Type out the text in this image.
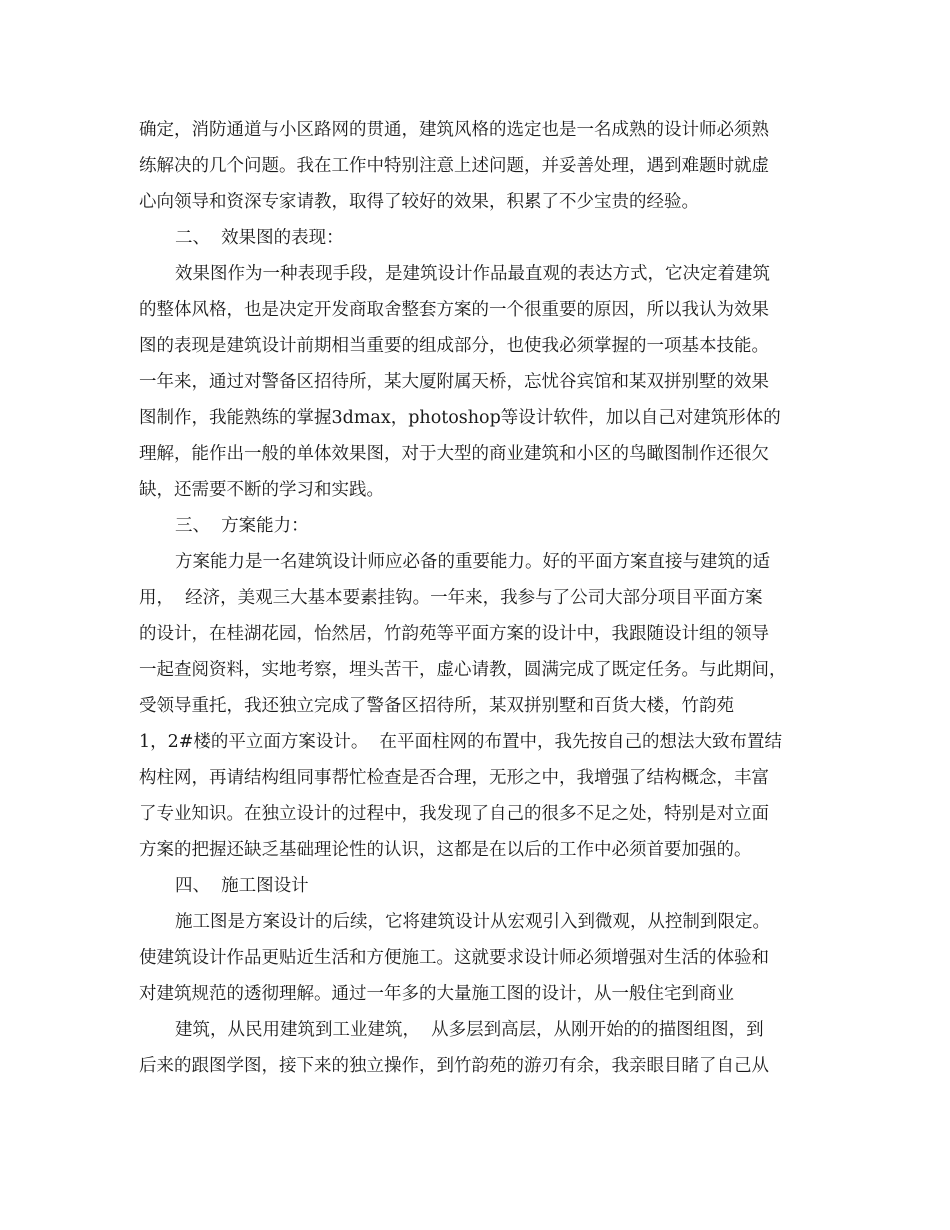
确定，消防通道与小区路网的贯通，建筑风格的选定也是一名成熟的设计师必须熟
练解决的几个问题。我在工作中特别注意上述问题，并妥善处理，遇到难题时就虚
心向领导和资深专家请教，取得了较好的效果，积累了不少宝贵的经验。
二、  效果图的表现：
效果图作为一种表现手段，是建筑设计作品最直观的表达方式，它决定着建筑
的整体风格，也是决定开发商取舍整套方案的一个很重要的原因，所以我认为效果
图的表现是建筑设计前期相当重要的组成部分，也使我必须掌握的一项基本技能。
一年来，通过对警备区招待所，某大厦附属天桥，忘忧谷宾馆和某双拼别墅的效果
图制作，我能熟练的掌握3dmax，photoshop等设计软件，加以自己对建筑形体的
理解，能作出一般的单体效果图，对于大型的商业建筑和小区的鸟瞰图制作还很欠
缺，还需要不断的学习和实践。
三、  方案能力：
方案能力是一名建筑设计师应必备的重要能力。好的平面方案直接与建筑的适
用，  经济，美观三大基本要素挂钩。一年来，我参与了公司大部分项目平面方案
的设计，在桂湖花园，怡然居，竹韵苑等平面方案的设计中，我跟随设计组的领导
一起查阅资料，实地考察，埋头苦干，虚心请教，圆满完成了既定任务。与此期间，
受领导重托，我还独立完成了警备区招待所，某双拼别墅和百货大楼，竹韵苑
1，2#楼的平立面方案设计。  在平面柱网的布置中，我先按自己的想法大致布置结
构柱网，再请结构组同事帮忙检查是否合理，无形之中，我增强了结构概念，丰富
了专业知识。在独立设计的过程中，我发现了自己的很多不足之处，特别是对立面
方案的把握还缺乏基础理论性的认识，这都是在以后的工作中必须首要加强的。
四、  施工图设计
施工图是方案设计的后续，它将建筑设计从宏观引入到微观，从控制到限定。
使建筑设计作品更贴近生活和方便施工。这就要求设计师必须增强对生活的体验和
对建筑规范的透彻理解。通过一年多的大量施工图的设计，从一般住宅到商业
建筑，从民用建筑到工业建筑，  从多层到高层，从刚开始的的描图组图，到
后来的跟图学图，接下来的独立操作，到竹韵苑的游刃有余，我亲眼目睹了自己从
